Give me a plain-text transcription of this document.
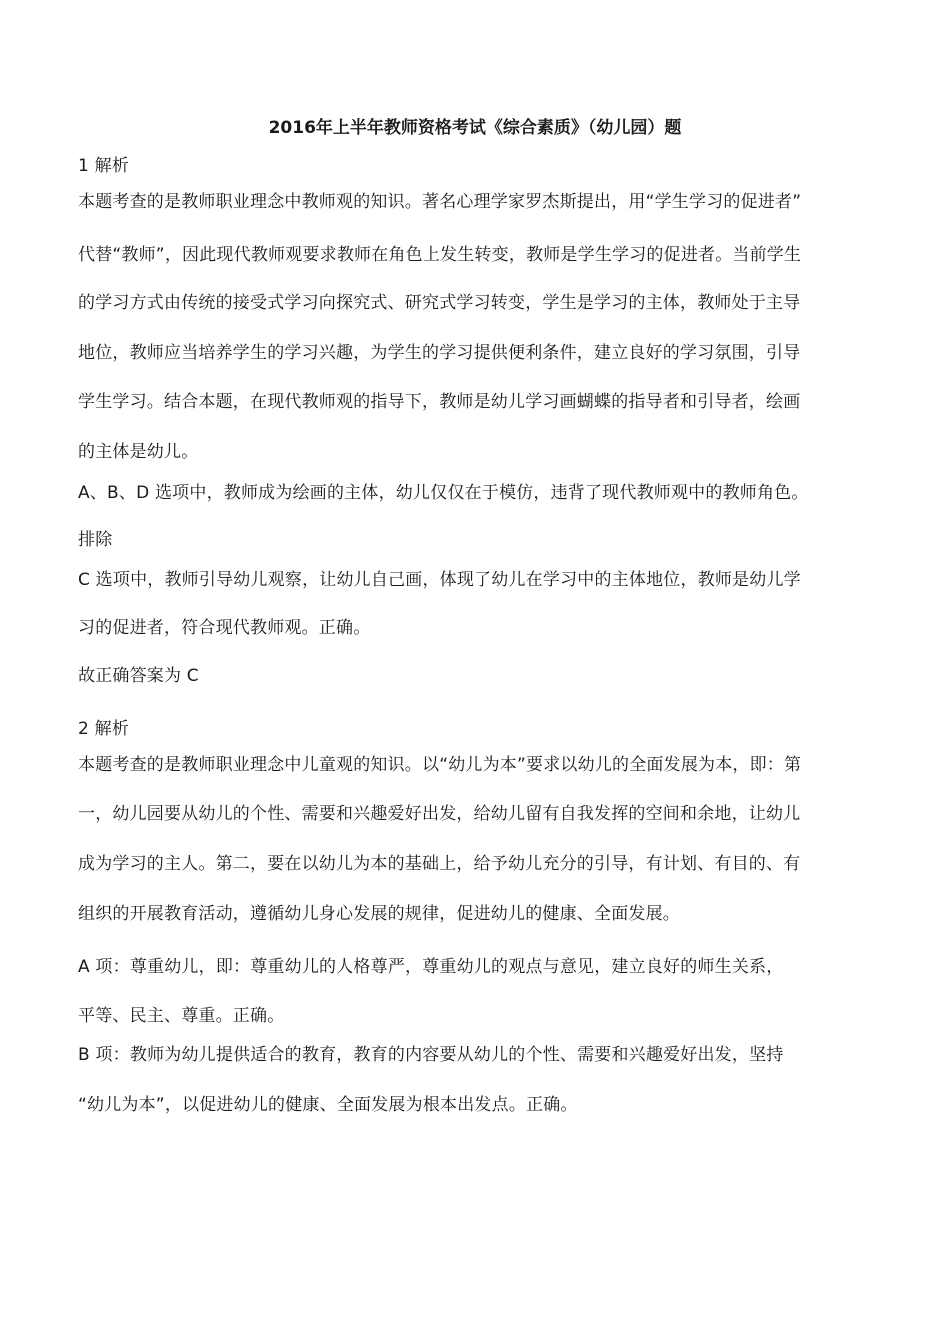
2016年上半年教师资格考试《综合素质》（幼儿园）题
1 解析
本题考查的是教师职业理念中教师观的知识。著名心理学家罗杰斯提出，用“学生学习的促进者”
代替“教师”，因此现代教师观要求教师在角色上发生转变，教师是学生学习的促进者。当前学生
的学习方式由传统的接受式学习向探究式、研究式学习转变，学生是学习的主体，教师处于主导
地位，教师应当培养学生的学习兴趣，为学生的学习提供便利条件，建立良好的学习氛围，引导
学生学习。结合本题，在现代教师观的指导下，教师是幼儿学习画蝴蝶的指导者和引导者，绘画
的主体是幼儿。
A、B、D 选项中，教师成为绘画的主体，幼儿仅仅在于模仿，违背了现代教师观中的教师角色。
排除
C 选项中，教师引导幼儿观察，让幼儿自己画，体现了幼儿在学习中的主体地位，教师是幼儿学
习的促进者，符合现代教师观。正确。
故正确答案为 C
2 解析
本题考查的是教师职业理念中儿童观的知识。以“幼儿为本”要求以幼儿的全面发展为本，即：第
一，幼儿园要从幼儿的个性、需要和兴趣爱好出发，给幼儿留有自我发挥的空间和余地，让幼儿
成为学习的主人。第二，要在以幼儿为本的基础上，给予幼儿充分的引导，有计划、有目的、有
组织的开展教育活动，遵循幼儿身心发展的规律，促进幼儿的健康、全面发展。
A 项：尊重幼儿，即：尊重幼儿的人格尊严，尊重幼儿的观点与意见，建立良好的师生关系，
平等、民主、尊重。正确。
B 项：教师为幼儿提供适合的教育，教育的内容要从幼儿的个性、需要和兴趣爱好出发，坚持
“幼儿为本”，以促进幼儿的健康、全面发展为根本出发点。正确。
